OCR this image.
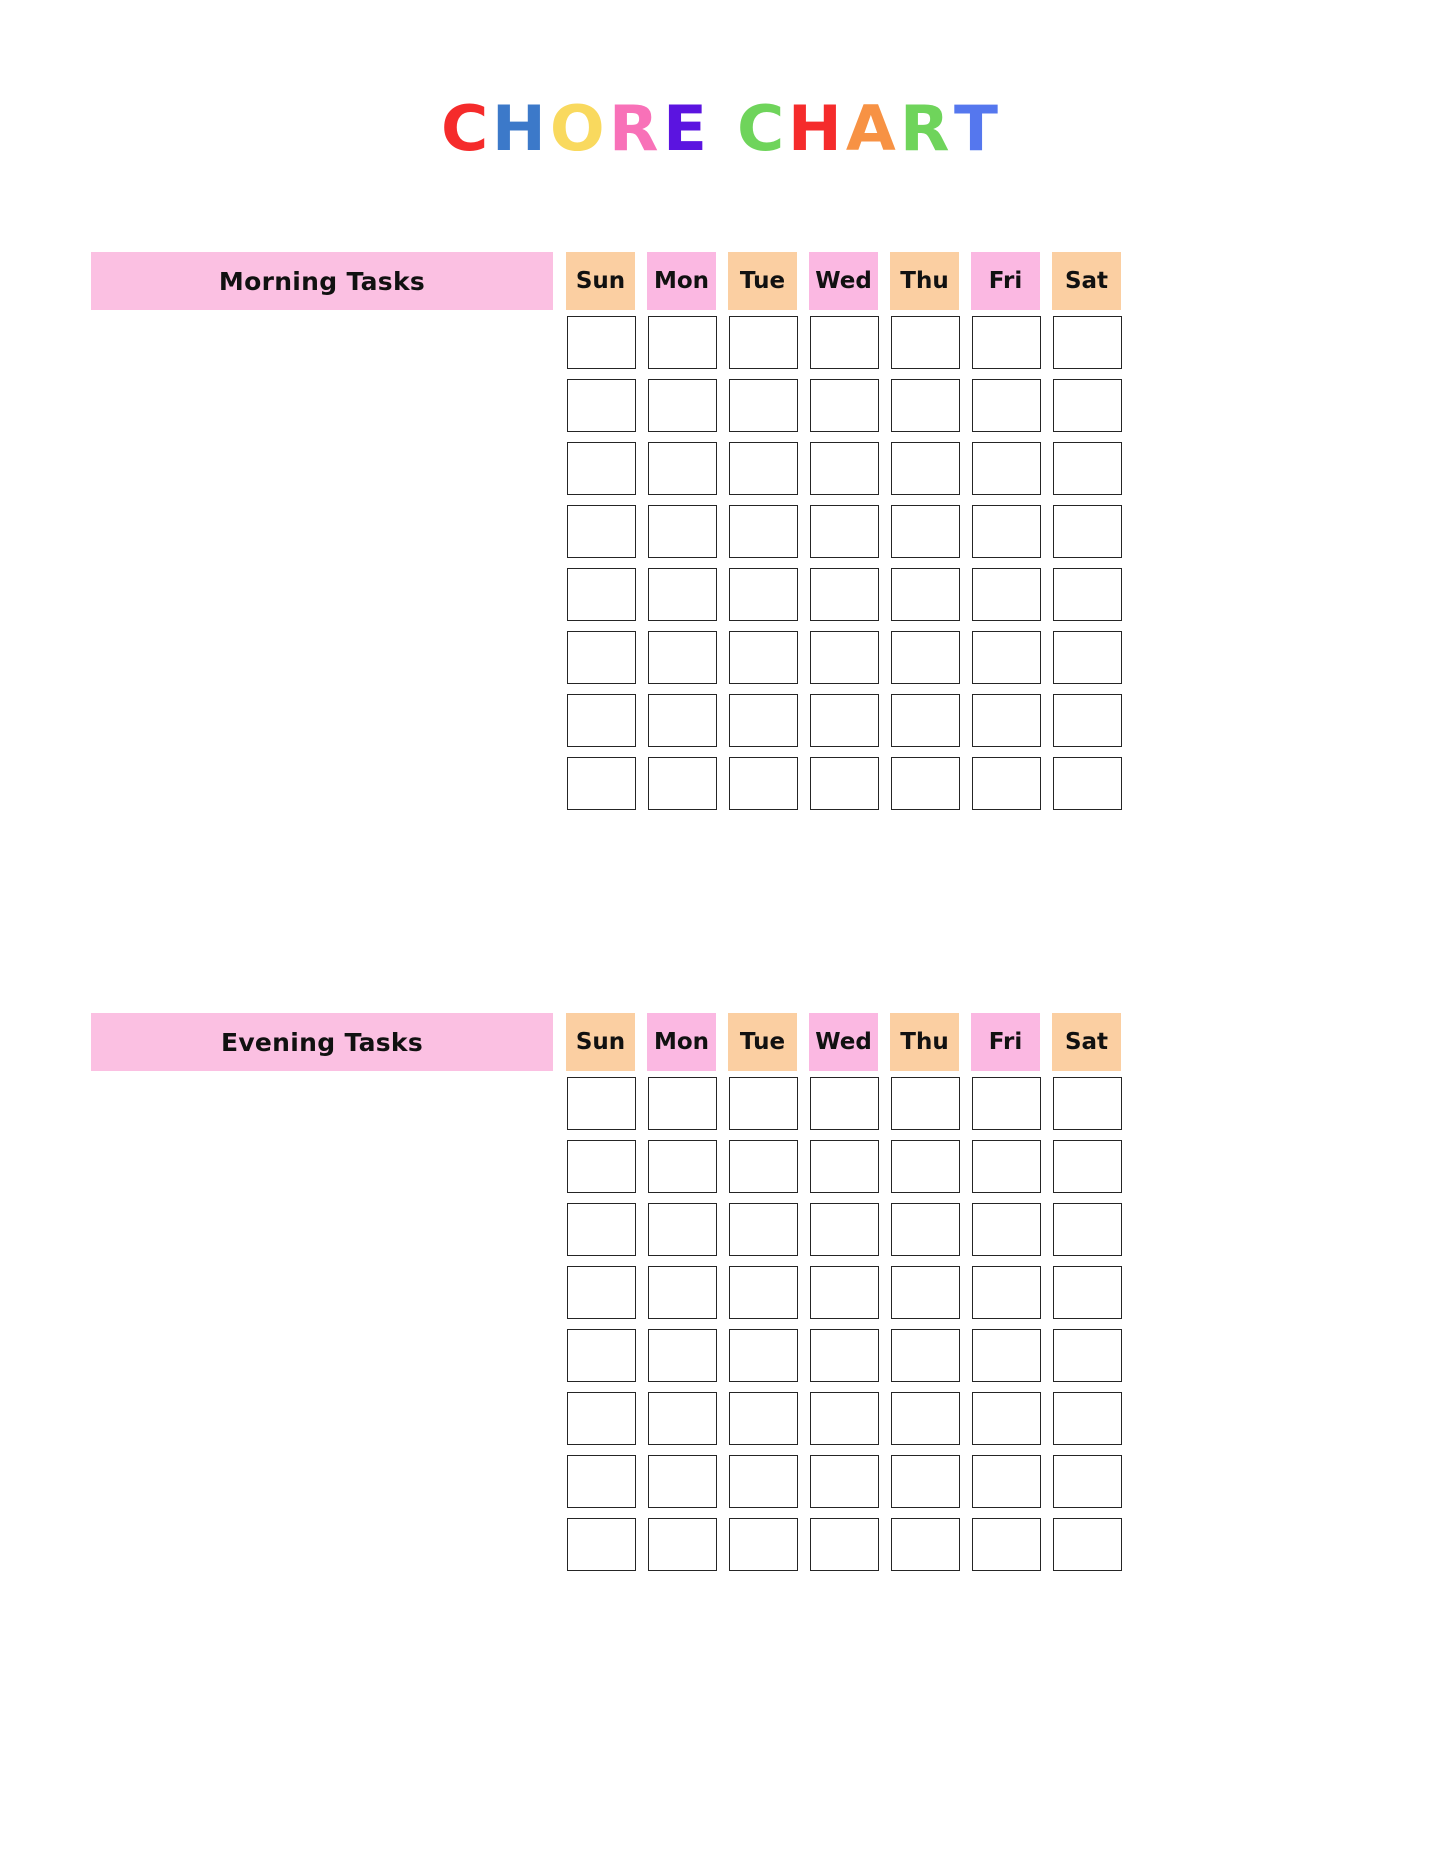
CHORE CHART
Morning Tasks	Sun	Mon	Tue	Wed	Thu	Fri	Sat
Evening Tasks	Sun	Mon	Tue	Wed	Thu	Fri	Sat
